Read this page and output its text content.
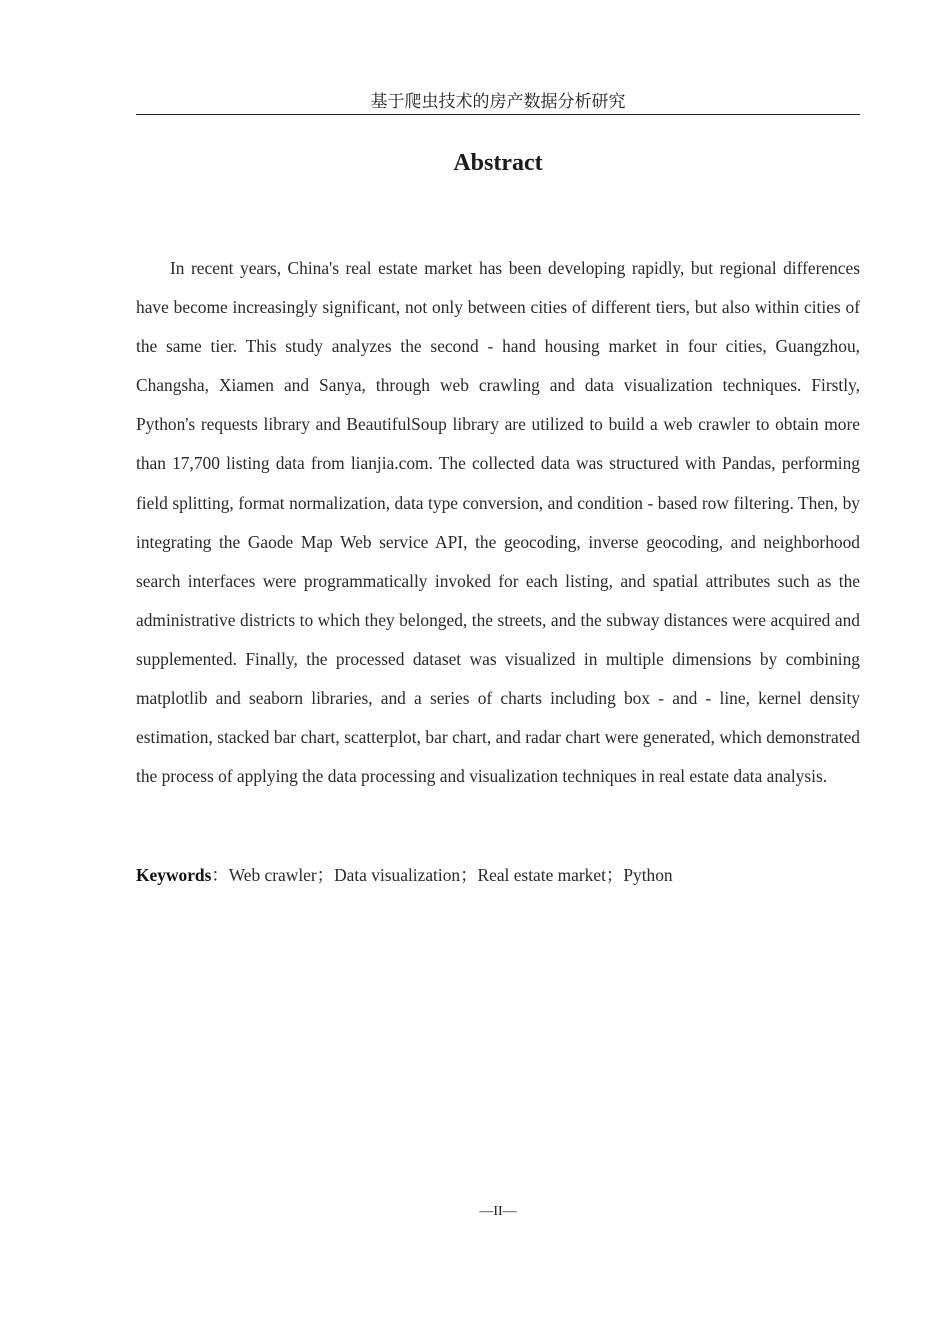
基于爬虫技术的房产数据分析研究
Abstract

In recent years, China's real estate market has been developing rapidly, but regional differences have become increasingly significant, not only between cities of different tiers, but also within cities of the same tier. This study analyzes the second - hand housing market in four cities, Guangzhou, Changsha, Xiamen and Sanya, through web crawling and data visualization techniques. Firstly, Python's requests library and BeautifulSoup library are utilized to build a web crawler to obtain more than 17,700 listing data from lianjia.com. The collected data was structured with Pandas, performing field splitting, format normalization, data type conversion, and condition - based row filtering. Then, by integrating the Gaode Map Web service API, the geocoding, inverse geocoding, and neighborhood search interfaces were programmatically invoked for each listing, and spatial attributes such as the administrative districts to which they belonged, the streets, and the subway distances were acquired and supplemented. Finally, the processed dataset was visualized in multiple dimensions by combining matplotlib and seaborn libraries, and a series of charts including box - and - line, kernel density estimation, stacked bar chart, scatterplot, bar chart, and radar chart were generated, which demonstrated the process of applying the data processing and visualization techniques in real estate data analysis.

Keywords：Web crawler；Data visualization；Real estate market；Python

—II—
